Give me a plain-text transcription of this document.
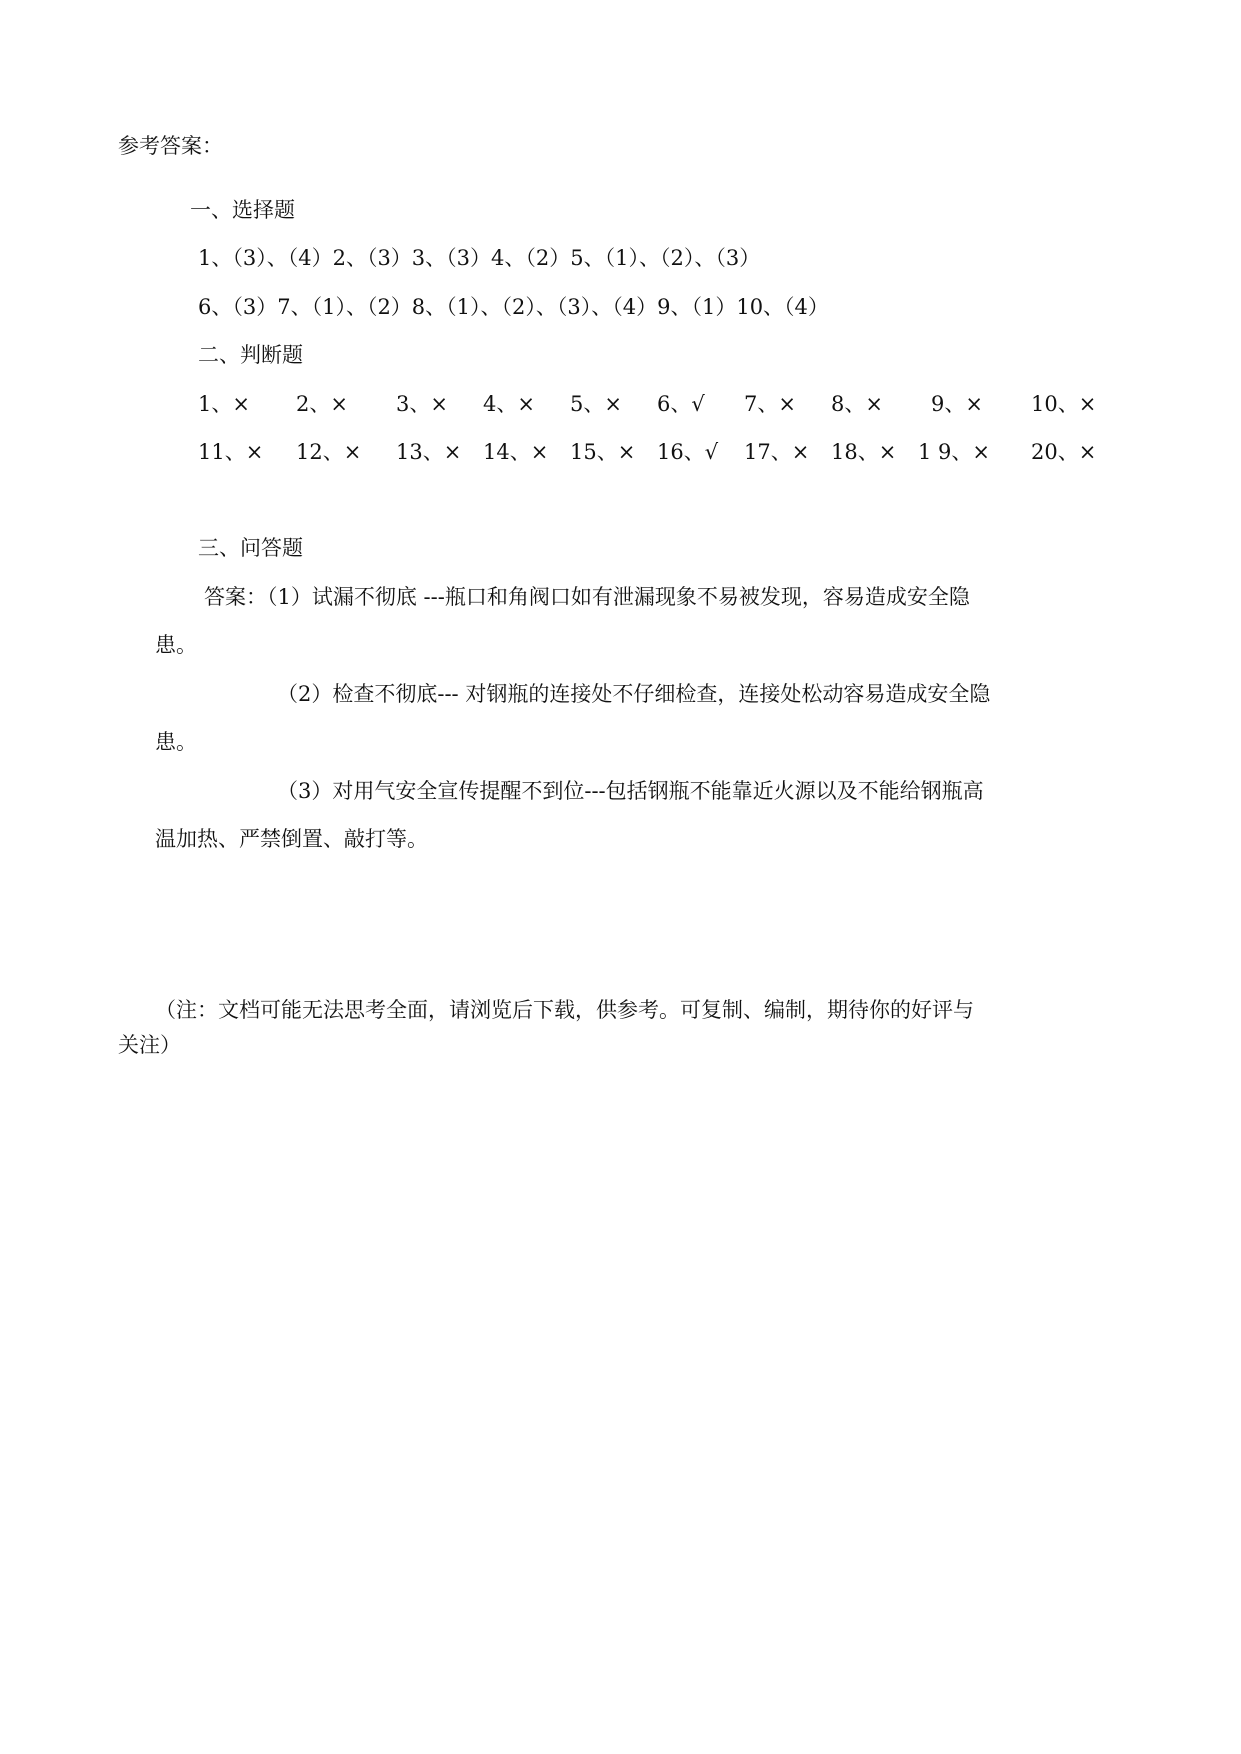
参考答案：
一、选择题
1、（3）、（4）2、（3）3、（3）4、（2）5、（1）、（2）、（3）
6、（3）7、（1）、（2）8、（1）、（2）、（3）、（4）9、（1）10、（4）
二、判断题
1、× 2、× 3、× 4、× 5、× 6、√ 7、× 8、× 9、× 10、×
11、× 12、× 13、× 14、× 15、× 16、√ 17、× 18、× 1 9、× 20、×
三、问答题
答案：（1）试漏不彻底 ---瓶口和角阀口如有泄漏现象不易被发现，容易造成安全隐
患。
（2）检查不彻底--- 对钢瓶的连接处不仔细检查，连接处松动容易造成安全隐
患。
（3）对用气安全宣传提醒不到位---包括钢瓶不能靠近火源以及不能给钢瓶高
温加热、严禁倒置、敲打等。
（注：文档可能无法思考全面，请浏览后下载，供参考。可复制、编制，期待你的好评与
关注）
